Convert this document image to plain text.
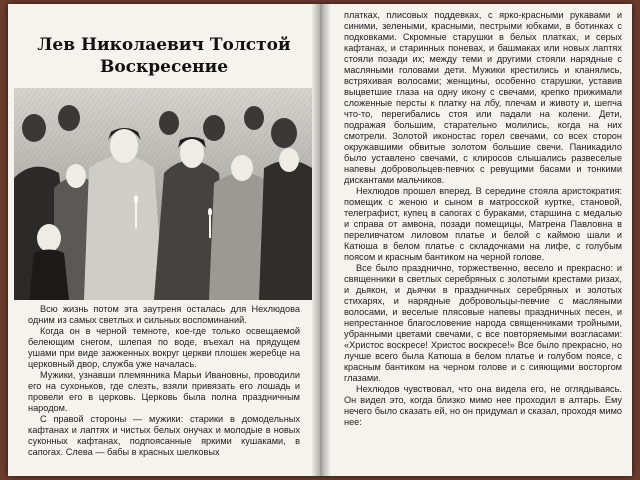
Лев Николаевич Толстой
Воскресение

Всю жизнь потом эта заутреня осталась для Нехлюдова одним из самых светлых и сильных воспоминаний.

Когда он в черной темноте, кое-где только освещаемой белеющим снегом, шлепая по воде, въехал на прядущем ушами при виде зажженных вокруг церкви плошек жеребце на церковный двор, служба уже началась.

Мужики, узнавши племянника Марьи Ивановны, проводили его на сухоньков, где слезть, взяли привязать его лошадь и провели его в церковь. Церковь была полна праздничным народом.

С правой стороны — мужики: старики в домодельных кафтанах и лаптях и чистых белых онучах и молодые в новых суконных кафтанах, подпоясанные яркими кушаками, в сапогах. Слева — бабы в красных шелковых

платках, плисовых поддевках, с ярко-красными рукавами и синими, зелеными, красными, пестрыми юбками, в ботинках с подковками. Скромные старушки в белых платках, и серых кафтанах, и старинных поневах, и башмаках или новых лаптях стояли позади их; между теми и другими стояли нарядные с масляными головами дети. Мужики крестились и кланялись, встряхивая волосами; женщины, особенно старушки, уставив выцветшие глаза на одну икону с свечами, крепко прижимали сложенные персты к платку на лбу, плечам и животу и, шепча что-то, перегибались стоя или падали на колени. Дети, подражая большим, старательно молились, когда на них смотрели. Золотой иконостас горел свечами, со всех сторон окружавшими обвитые золотом большие свечи. Паникадило было уставлено свечами, с клиросов слышались развеселые напевы добровольцев-певчих с ревущими басами и тонкими дискантами мальчиков.

Нехлюдов прошел вперед. В середине стояла аристократия: помещик с женою и сыном в матросской куртке, становой, телеграфист, купец в сапогах с бураками, старшина с медалью и справа от амвона, позади помещицы, Матрена Павловна в переливчатом лиловом платье и белой с каймою шали и Катюша в белом платье с складочками на лифе, с голубым поясом и красным бантиком на черной голове.

Все было празднично, торжественно, весело и прекрасно: и священники в светлых серебряных с золотыми крестами ризах, и дьякон, и дьячки в праздничных серебряных и золотых стихарях, и нарядные добровольцы-певчие с масляными волосами, и веселые плясовые напевы праздничных песен, и непрестанное благословение народа священниками тройными, убранными цветами свечами, с все повторяемыми возгласами: «Христос воскресе! Христос воскресе!» Все было прекрасно, но лучше всего была Катюша в белом платье и голубом поясе, с красным бантиком на черном голове и с сияющими восторгом глазами.

Нехлюдов чувствовал, что она видела его, не оглядываясь. Он видел это, когда близко мимо нее проходил в алтарь. Ему нечего было сказать ей, но он придумал и сказал, проходя мимо нее:
